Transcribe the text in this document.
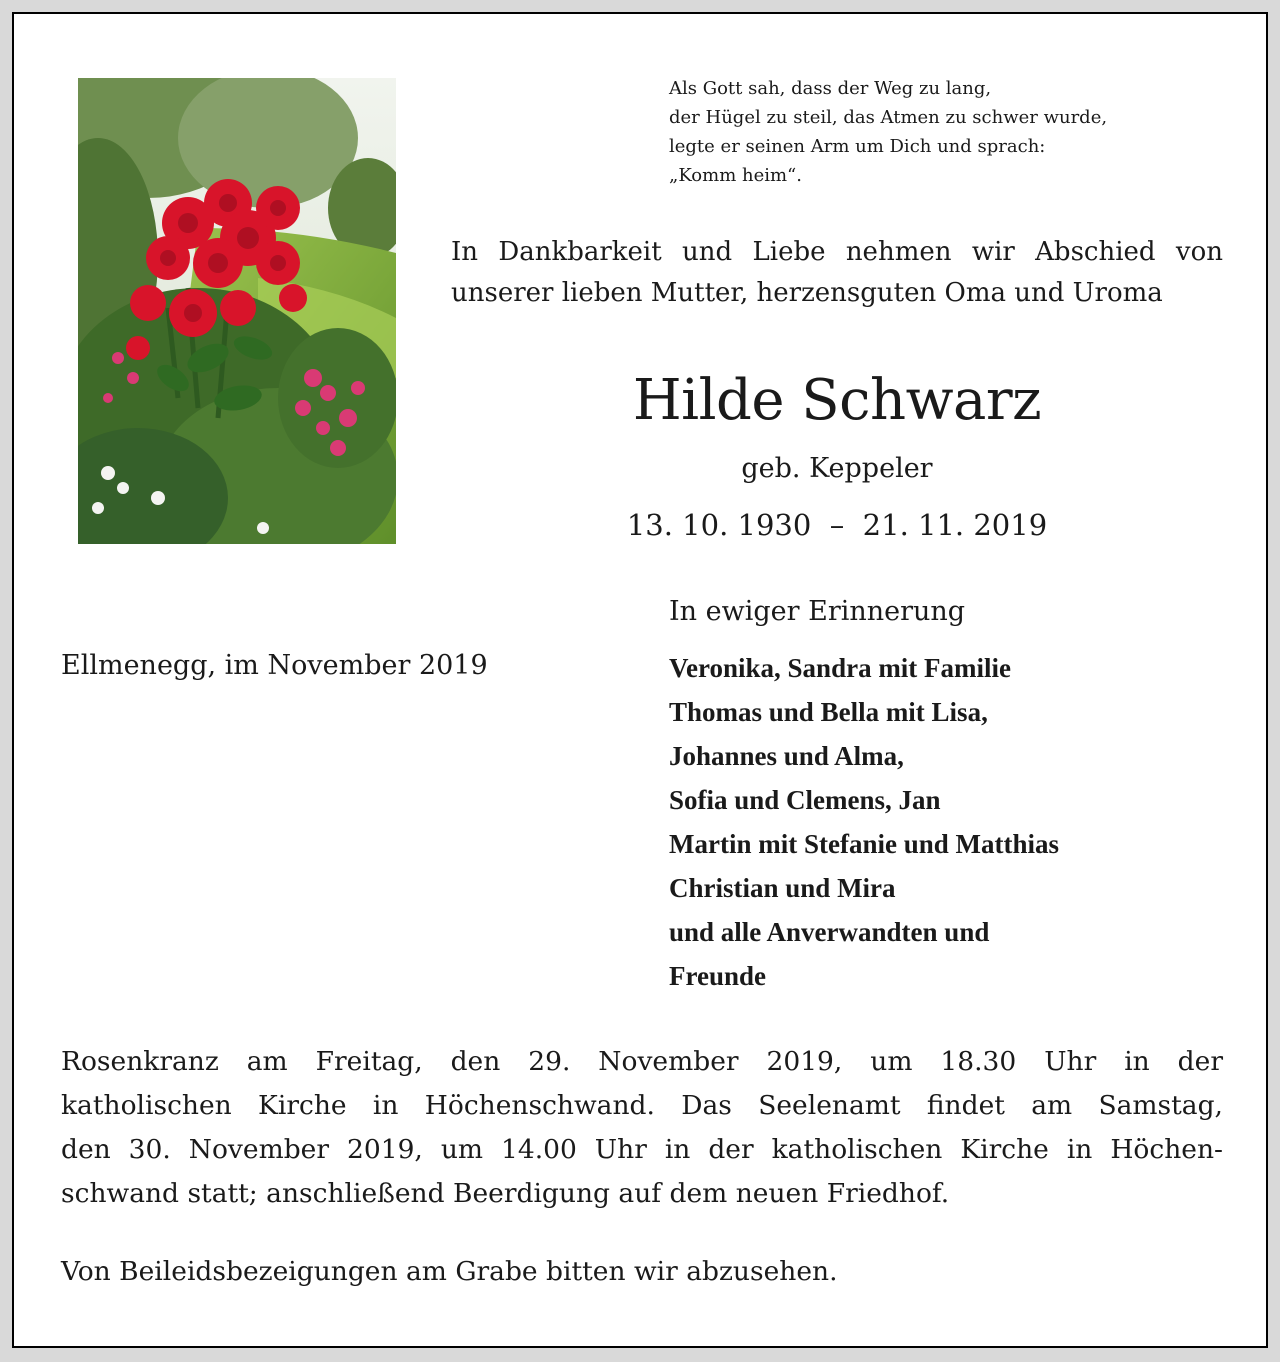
Als Gott sah, dass der Weg zu lang,
der Hügel zu steil, das Atmen zu schwer wurde,
legte er seinen Arm um Dich und sprach:
„Komm heim“.
In Dankbarkeit und Liebe nehmen wir Abschied von
unserer lieben Mutter, herzensguten Oma und Uroma
Hilde Schwarz
geb. Keppeler
13. 10. 1930  –  21. 11. 2019
In ewiger Erinnerung
Ellmenegg, im November 2019	Veronika, Sandra mit Familie
Thomas und Bella mit Lisa,
Johannes und Alma,
Sofia und Clemens, Jan
Martin mit Stefanie und Matthias
Christian und Mira
und alle Anverwandten und
Freunde
Rosenkranz am Freitag, den 29. November 2019, um 18.30 Uhr in der
katholischen Kirche in Höchenschwand. Das Seelenamt findet am Samstag,
den 30. November 2019, um 14.00 Uhr in der katholischen Kirche in Höchen-
schwand statt; anschließend Beerdigung auf dem neuen Friedhof.
Von Beileidsbezeigungen am Grabe bitten wir abzusehen.
